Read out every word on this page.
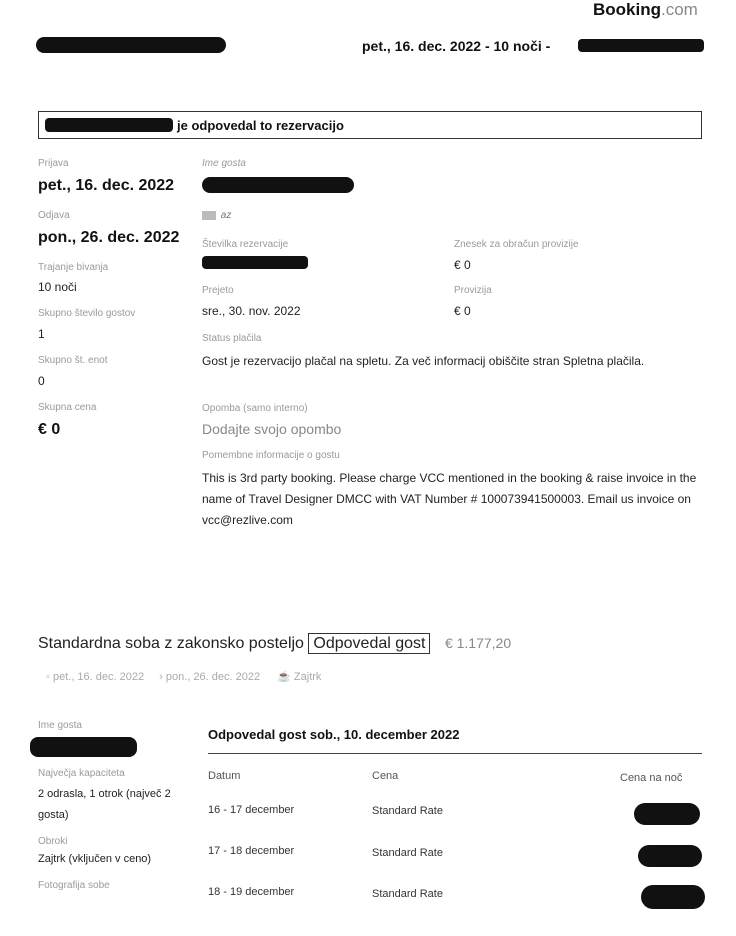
Booking.com
pet., 16. dec. 2022 - 10 noči -
je odpovedal to rezervacijo
Prijava
pet., 16. dec. 2022
Odjava
pon., 26. dec. 2022
Trajanje bivanja
10 noči
Skupno število gostov
1
Skupno št. enot
0
Skupna cena
€ 0
Ime gosta
az
Številka rezervacije
Prejeto
sre., 30. nov. 2022
Status plačila
Gost je rezervacijo plačal na spletu. Za več informacij obiščite stran Spletna plačila.
Opomba (samo interno)
Dodajte svojo opombo
Pomembne informacije o gostu
This is 3rd party booking. Please charge VCC mentioned in the booking & raise invoice in the name of Travel Designer DMCC with VAT Number # 100073941500003. Email us invoice on vcc@rezlive.com
Znesek za obračun provizije
€ 0
Provizija
€ 0
Standardna soba z zakonsko posteljo Odpovedal gost € 1.177,20
◦ pet., 16. dec. 2022 › pon., 26. dec. 2022 ☕ Zajtrk
Ime gosta
Največja kapaciteta
2 odrasla, 1 otrok (največ 2 gosta)
Obroki
Zajtrk (vključen v ceno)
Fotografija sobe
Odpovedal gost sob., 10. december 2022
Datum	Cena	Cena na noč
16 - 17 december	Standard Rate
17 - 18 december	Standard Rate
18 - 19 december	Standard Rate
